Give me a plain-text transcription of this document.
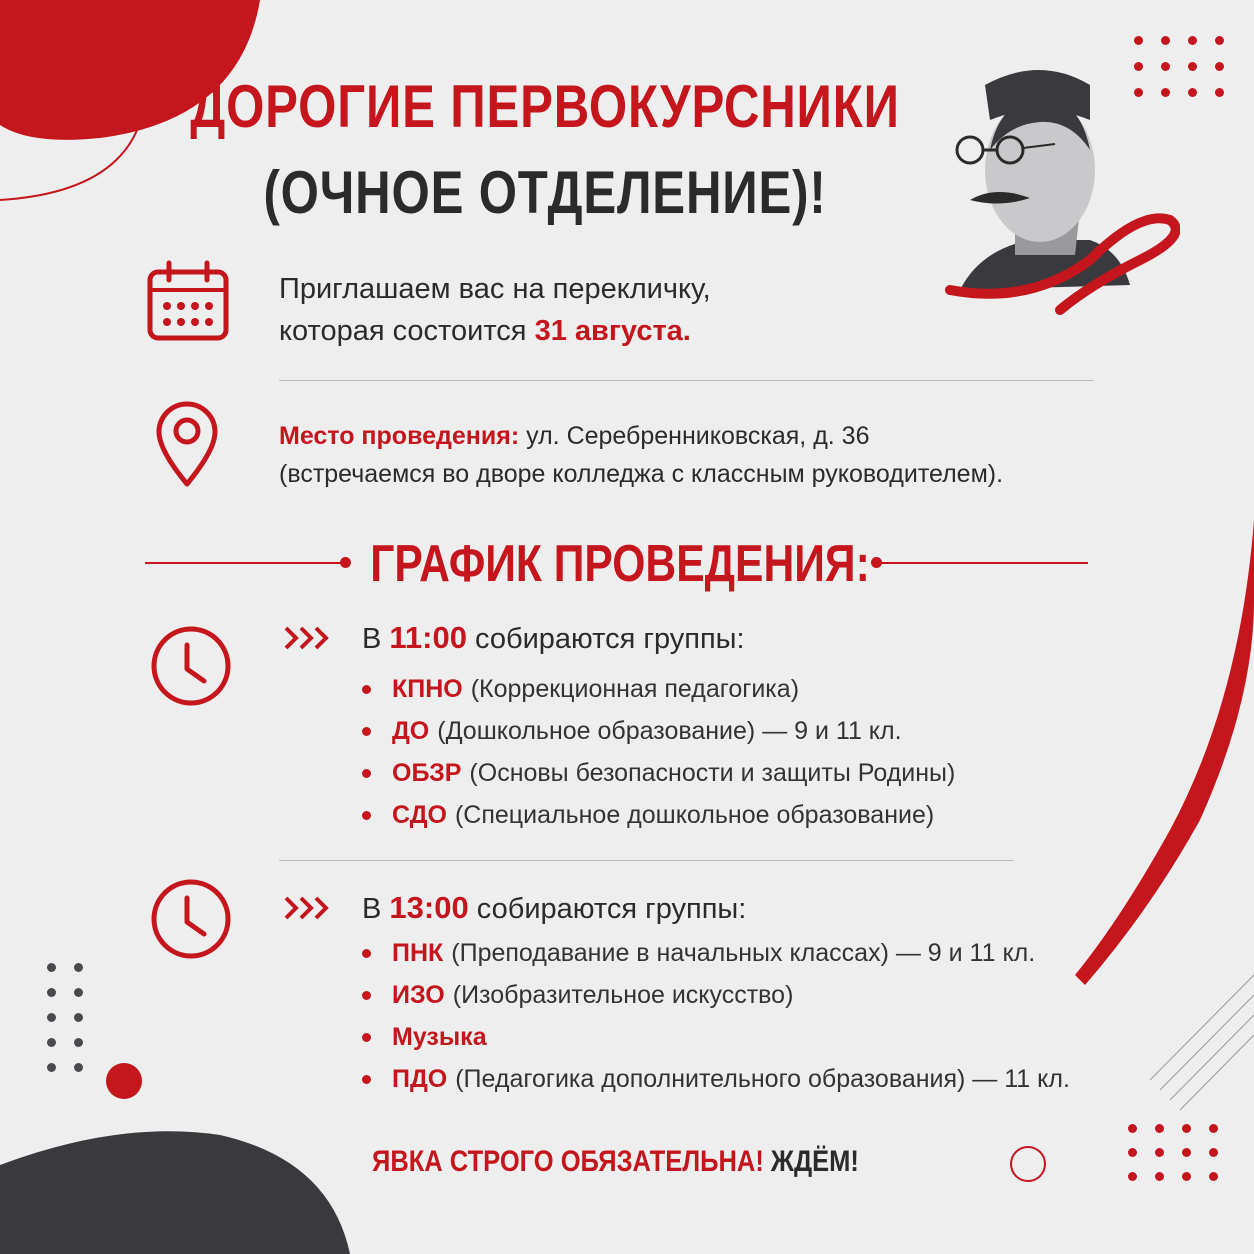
ДОРОГИЕ ПЕРВОКУРСНИКИ
(ОЧНОЕ ОТДЕЛЕНИЕ)!
Приглашаем вас на перекличку,
которая состоится 31 августа.
Место проведения: ул. Серебренниковская, д. 36
(встречаемся во дворе колледжа с классным руководителем).
ГРАФИК ПРОВЕДЕНИЯ:
В 11:00 собираются группы:
КПНО (Коррекционная педагогика)
ДО (Дошкольное образование) — 9 и 11 кл.
ОБЗР (Основы безопасности и защиты Родины)
СДО (Специальное дошкольное образование)
В 13:00 собираются группы:
ПНК (Преподавание в начальных классах) — 9 и 11 кл.
ИЗО (Изобразительное искусство)
Музыка
ПДО (Педагогика дополнительного образования) — 11 кл.
ЯВКА СТРОГО ОБЯЗАТЕЛЬНА! ЖДЁМ!
